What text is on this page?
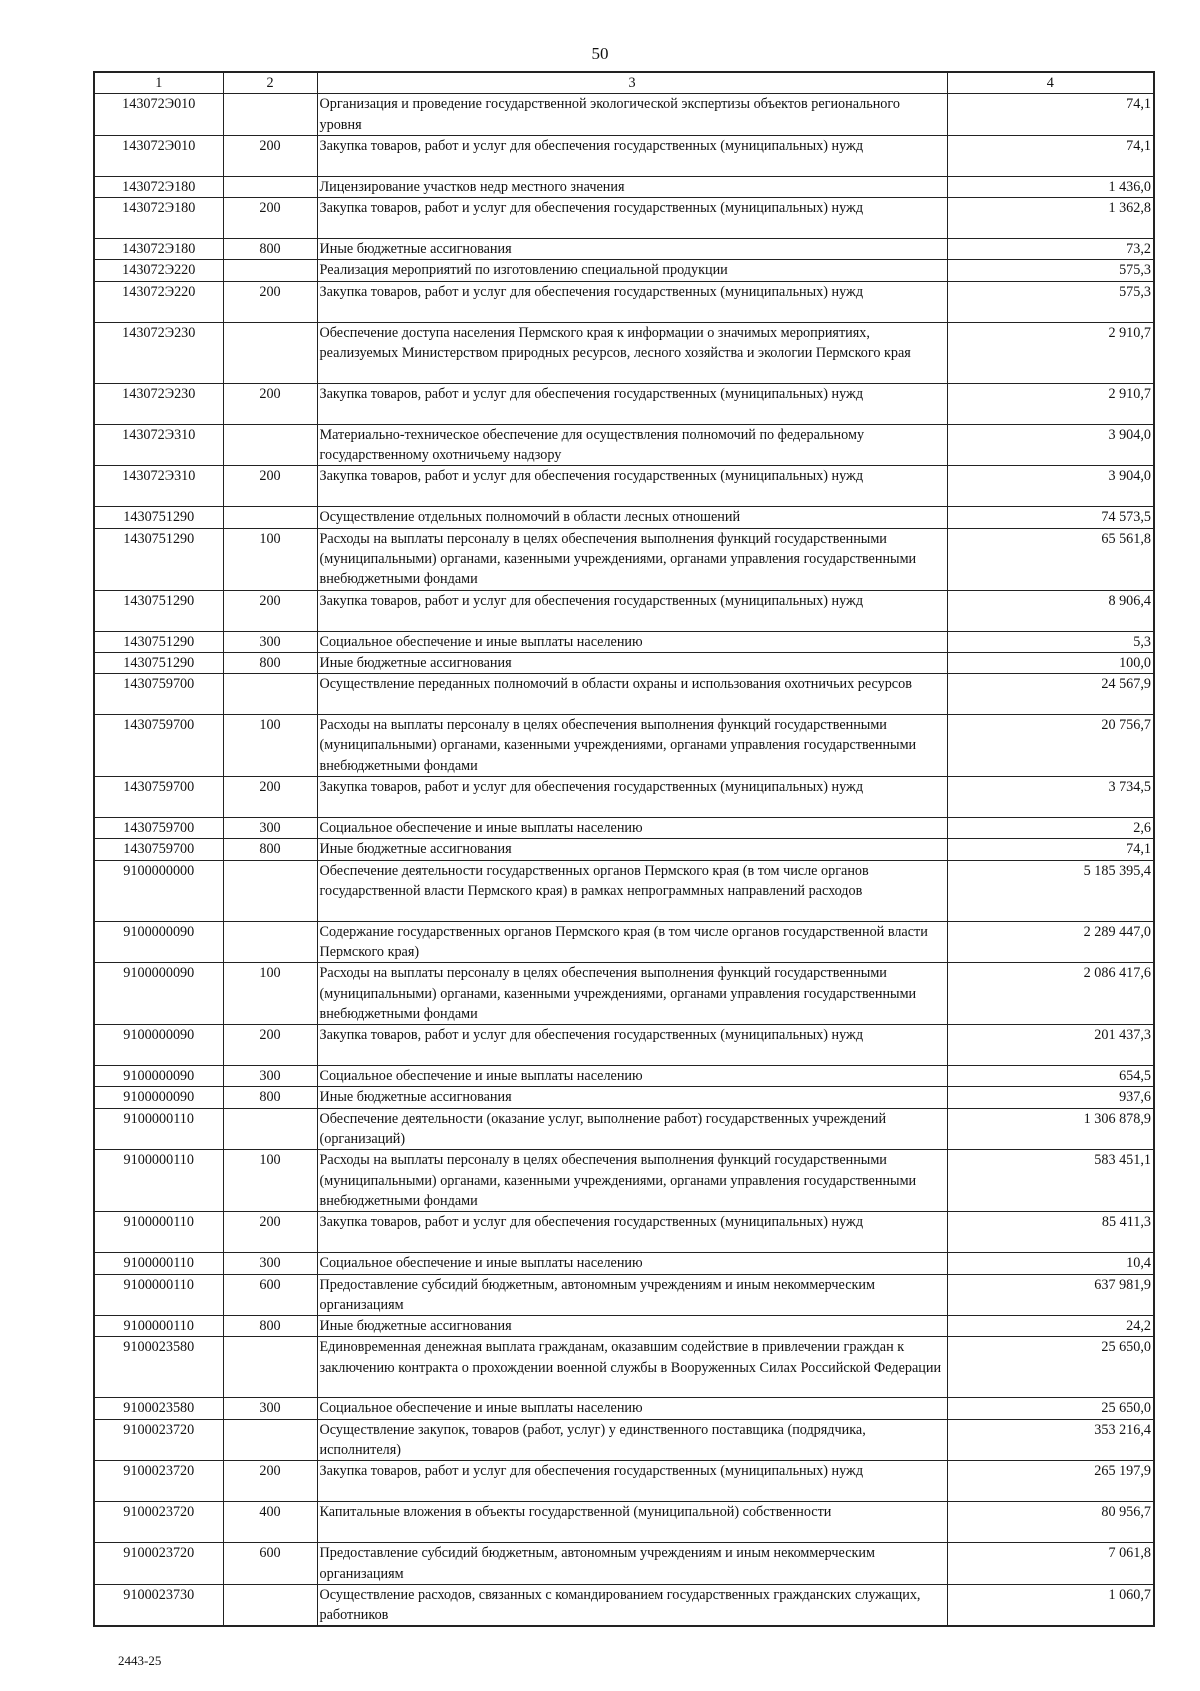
50
1	2	3	4
143072Э010		Организация и проведение государственной экологической экспертизы объектов регионального уровня	74,1
143072Э010	200	Закупка товаров, работ и услуг для обеспечения государственных (муниципальных) нужд	74,1
143072Э180		Лицензирование участков недр местного значения	1 436,0
143072Э180	200	Закупка товаров, работ и услуг для обеспечения государственных (муниципальных) нужд	1 362,8
143072Э180	800	Иные бюджетные ассигнования	73,2
143072Э220		Реализация мероприятий по изготовлению специальной продукции	575,3
143072Э220	200	Закупка товаров, работ и услуг для обеспечения государственных (муниципальных) нужд	575,3
143072Э230		Обеспечение доступа населения Пермского края к информации о значимых мероприятиях, реализуемых Министерством природных ресурсов, лесного хозяйства и экологии Пермского края	2 910,7
143072Э230	200	Закупка товаров, работ и услуг для обеспечения государственных (муниципальных) нужд	2 910,7
143072Э310		Материально-техническое обеспечение для осуществления полномочий по федеральному государственному охотничьему надзору	3 904,0
143072Э310	200	Закупка товаров, работ и услуг для обеспечения государственных (муниципальных) нужд	3 904,0
1430751290		Осуществление отдельных полномочий в области лесных отношений	74 573,5
1430751290	100	Расходы на выплаты персоналу в целях обеспечения выполнения функций государственными (муниципальными) органами, казенными учреждениями, органами управления государственными внебюджетными фондами	65 561,8
1430751290	200	Закупка товаров, работ и услуг для обеспечения государственных (муниципальных) нужд	8 906,4
1430751290	300	Социальное обеспечение и иные выплаты населению	5,3
1430751290	800	Иные бюджетные ассигнования	100,0
1430759700		Осуществление переданных полномочий в области охраны и использования охотничьих ресурсов	24 567,9
1430759700	100	Расходы на выплаты персоналу в целях обеспечения выполнения функций государственными (муниципальными) органами, казенными учреждениями, органами управления государственными внебюджетными фондами	20 756,7
1430759700	200	Закупка товаров, работ и услуг для обеспечения государственных (муниципальных) нужд	3 734,5
1430759700	300	Социальное обеспечение и иные выплаты населению	2,6
1430759700	800	Иные бюджетные ассигнования	74,1
9100000000		Обеспечение деятельности государственных органов Пермского края (в том числе органов государственной власти Пермского края) в рамках непрограммных направлений расходов	5 185 395,4
9100000090		Содержание государственных органов Пермского края (в том числе органов государственной власти Пермского края)	2 289 447,0
9100000090	100	Расходы на выплаты персоналу в целях обеспечения выполнения функций государственными (муниципальными) органами, казенными учреждениями, органами управления государственными внебюджетными фондами	2 086 417,6
9100000090	200	Закупка товаров, работ и услуг для обеспечения государственных (муниципальных) нужд	201 437,3
9100000090	300	Социальное обеспечение и иные выплаты населению	654,5
9100000090	800	Иные бюджетные ассигнования	937,6
9100000110		Обеспечение деятельности (оказание услуг, выполнение работ) государственных учреждений (организаций)	1 306 878,9
9100000110	100	Расходы на выплаты персоналу в целях обеспечения выполнения функций государственными (муниципальными) органами, казенными учреждениями, органами управления государственными внебюджетными фондами	583 451,1
9100000110	200	Закупка товаров, работ и услуг для обеспечения государственных (муниципальных) нужд	85 411,3
9100000110	300	Социальное обеспечение и иные выплаты населению	10,4
9100000110	600	Предоставление субсидий бюджетным, автономным учреждениям и иным некоммерческим организациям	637 981,9
9100000110	800	Иные бюджетные ассигнования	24,2
9100023580		Единовременная денежная выплата гражданам, оказавшим содействие в привлечении граждан к заключению контракта о прохождении военной службы в Вооруженных Силах Российской Федерации	25 650,0
9100023580	300	Социальное обеспечение и иные выплаты населению	25 650,0
9100023720		Осуществление закупок, товаров (работ, услуг) у единственного поставщика (подрядчика, исполнителя)	353 216,4
9100023720	200	Закупка товаров, работ и услуг для обеспечения государственных (муниципальных) нужд	265 197,9
9100023720	400	Капитальные вложения в объекты государственной (муниципальной) собственности	80 956,7
9100023720	600	Предоставление субсидий бюджетным, автономным учреждениям и иным некоммерческим организациям	7 061,8
9100023730		Осуществление расходов, связанных с командированием государственных гражданских служащих, работников	1 060,7
2443-25
